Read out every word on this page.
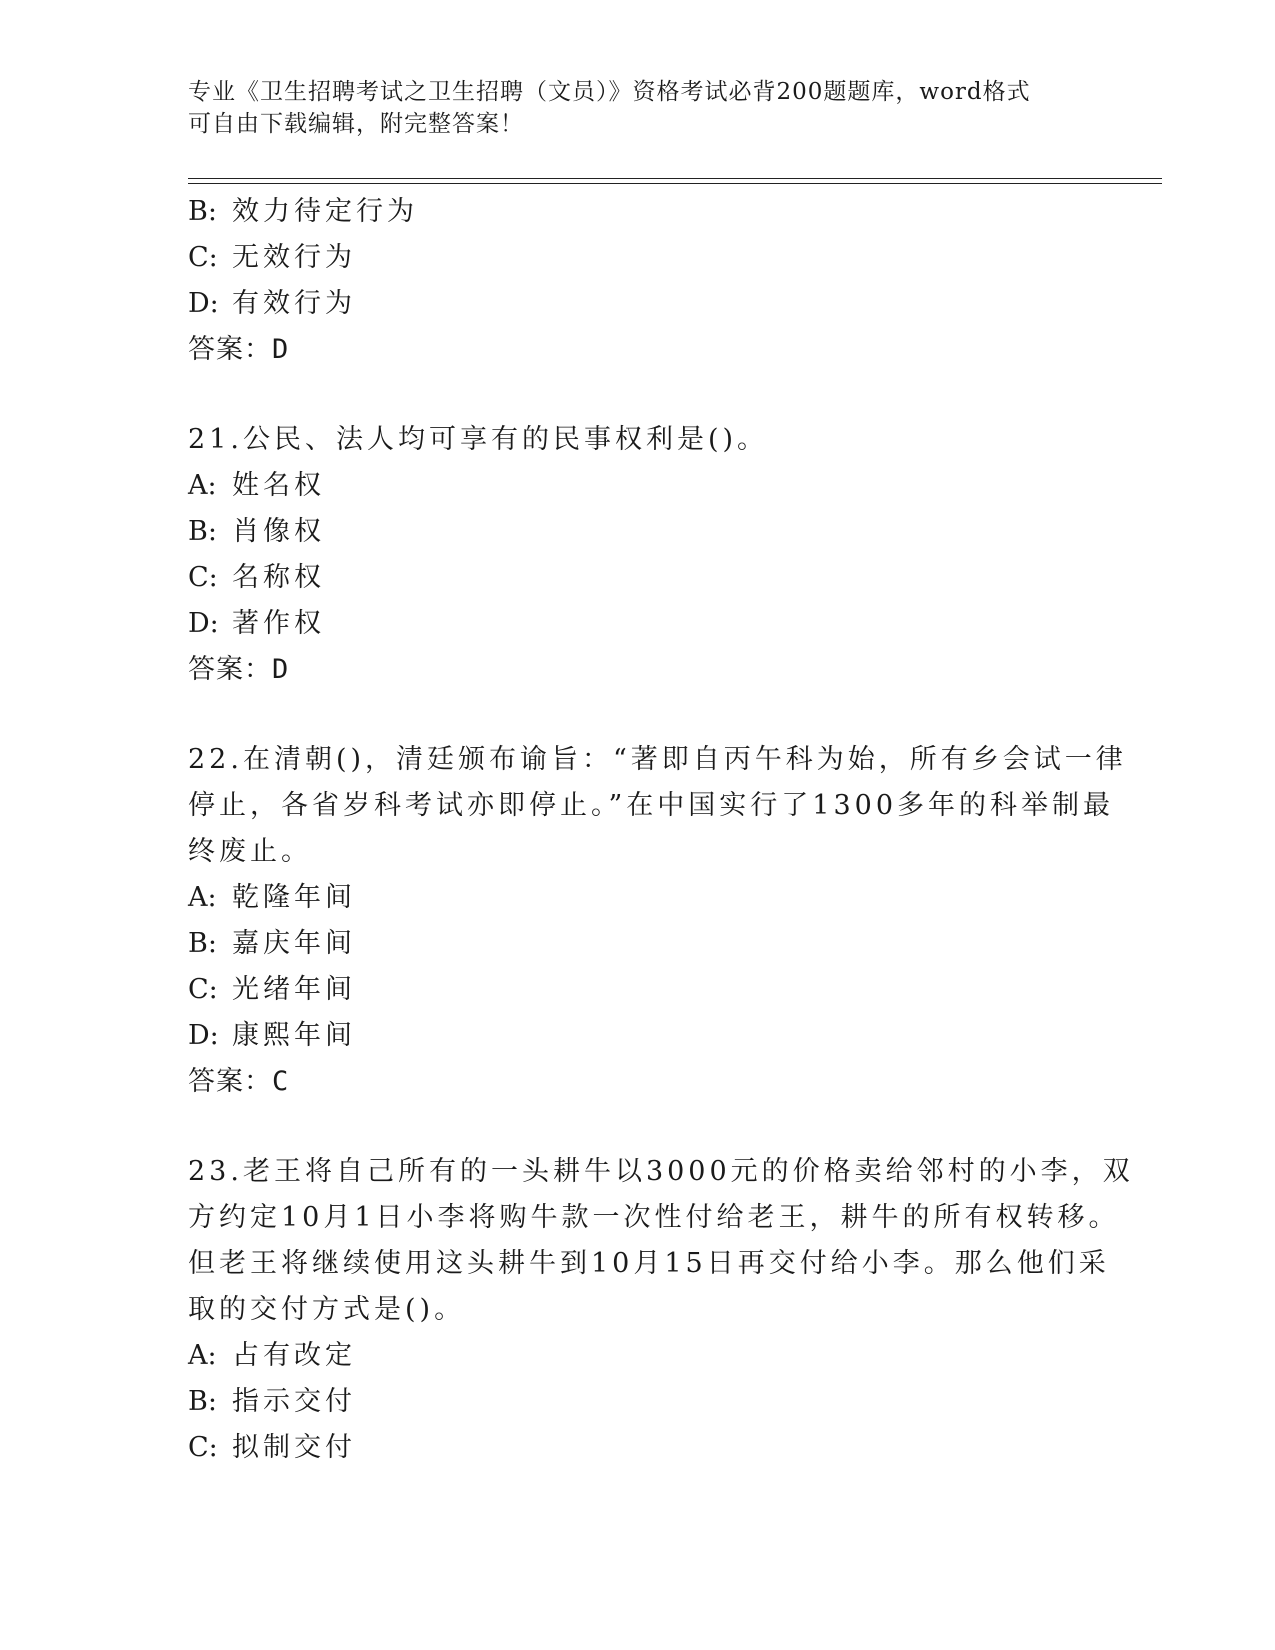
专业《卫生招聘考试之卫生招聘（文员）》资格考试必背200题题库，word格式
可自由下载编辑，附完整答案！
B: 效力待定行为
C: 无效行为
D: 有效行为
答案：D
21.公民、法人均可享有的民事权利是()。
A: 姓名权
B: 肖像权
C: 名称权
D: 著作权
答案：D
22.在清朝()，清廷颁布谕旨：“著即自丙午科为始，所有乡会试一律
停止，各省岁科考试亦即停止。”在中国实行了1300多年的科举制最
终废止。
A: 乾隆年间
B: 嘉庆年间
C: 光绪年间
D: 康熙年间
答案：C
23.老王将自己所有的一头耕牛以3000元的价格卖给邻村的小李，双
方约定10月1日小李将购牛款一次性付给老王，耕牛的所有权转移。
但老王将继续使用这头耕牛到10月15日再交付给小李。那么他们采
取的交付方式是()。
A: 占有改定
B: 指示交付
C: 拟制交付
